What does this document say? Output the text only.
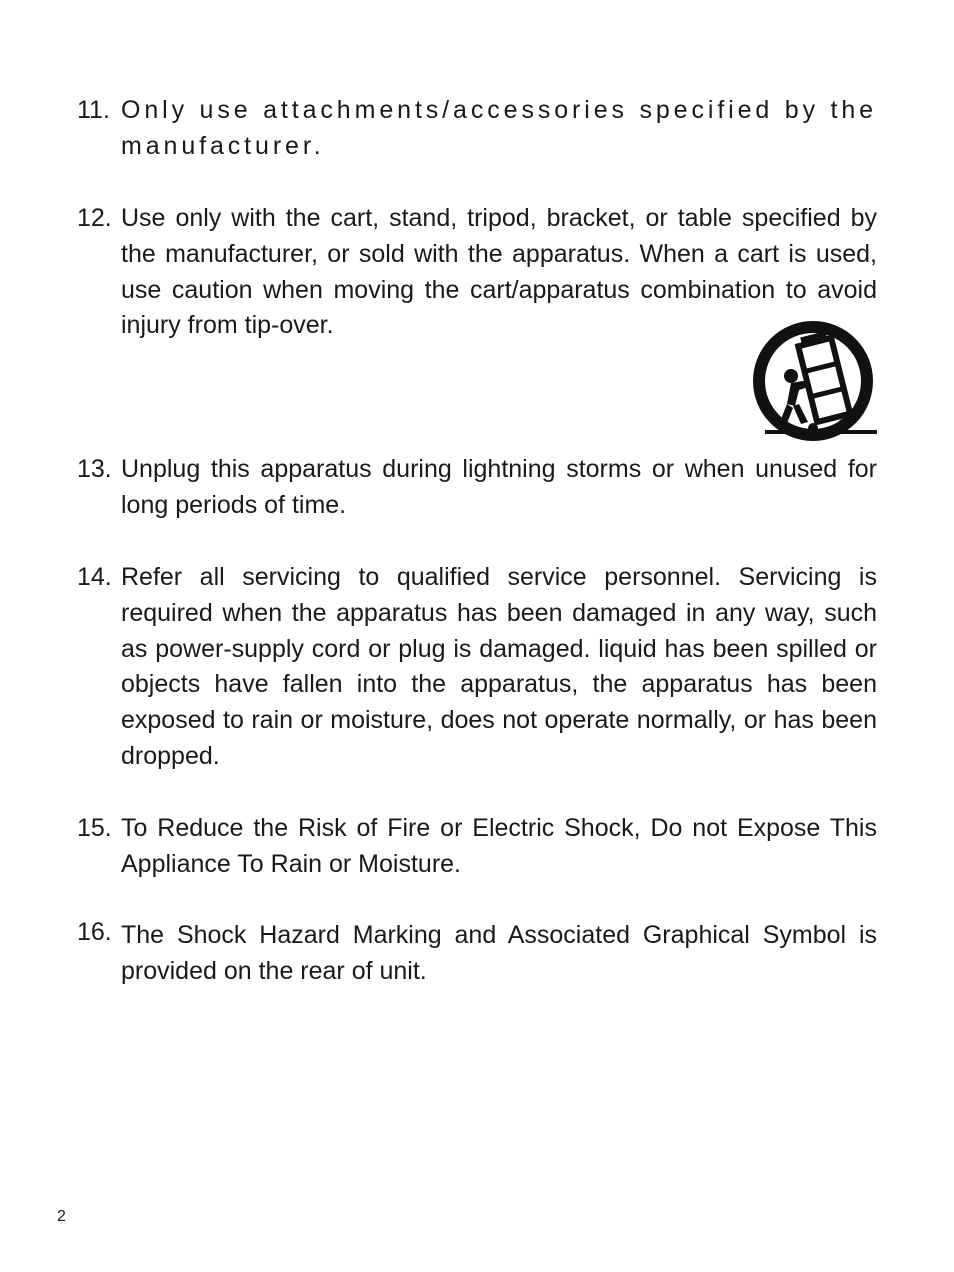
11. Only use attachments/accessories specified by the manufacturer.
12. Use only with the cart, stand, tripod, bracket, or table specified by the manufacturer, or sold with the apparatus. When a cart is used, use caution when moving the cart/apparatus combination to avoid injury from tip-over.
13. Unplug this apparatus during lightning storms or when unused for long periods of time.
14. Refer all servicing to qualified service personnel. Servicing is required when the apparatus has been damaged in any way, such as power-supply cord or plug is damaged. liquid has been spilled or objects have fallen into the apparatus, the apparatus has been exposed to rain or moisture, does not operate normally, or has been dropped.
15. To Reduce the Risk of Fire or Electric Shock, Do not Expose This Appliance To Rain or Moisture.
16. The Shock Hazard Marking and Associated Graphical Symbol is provided on the rear of unit.
2
